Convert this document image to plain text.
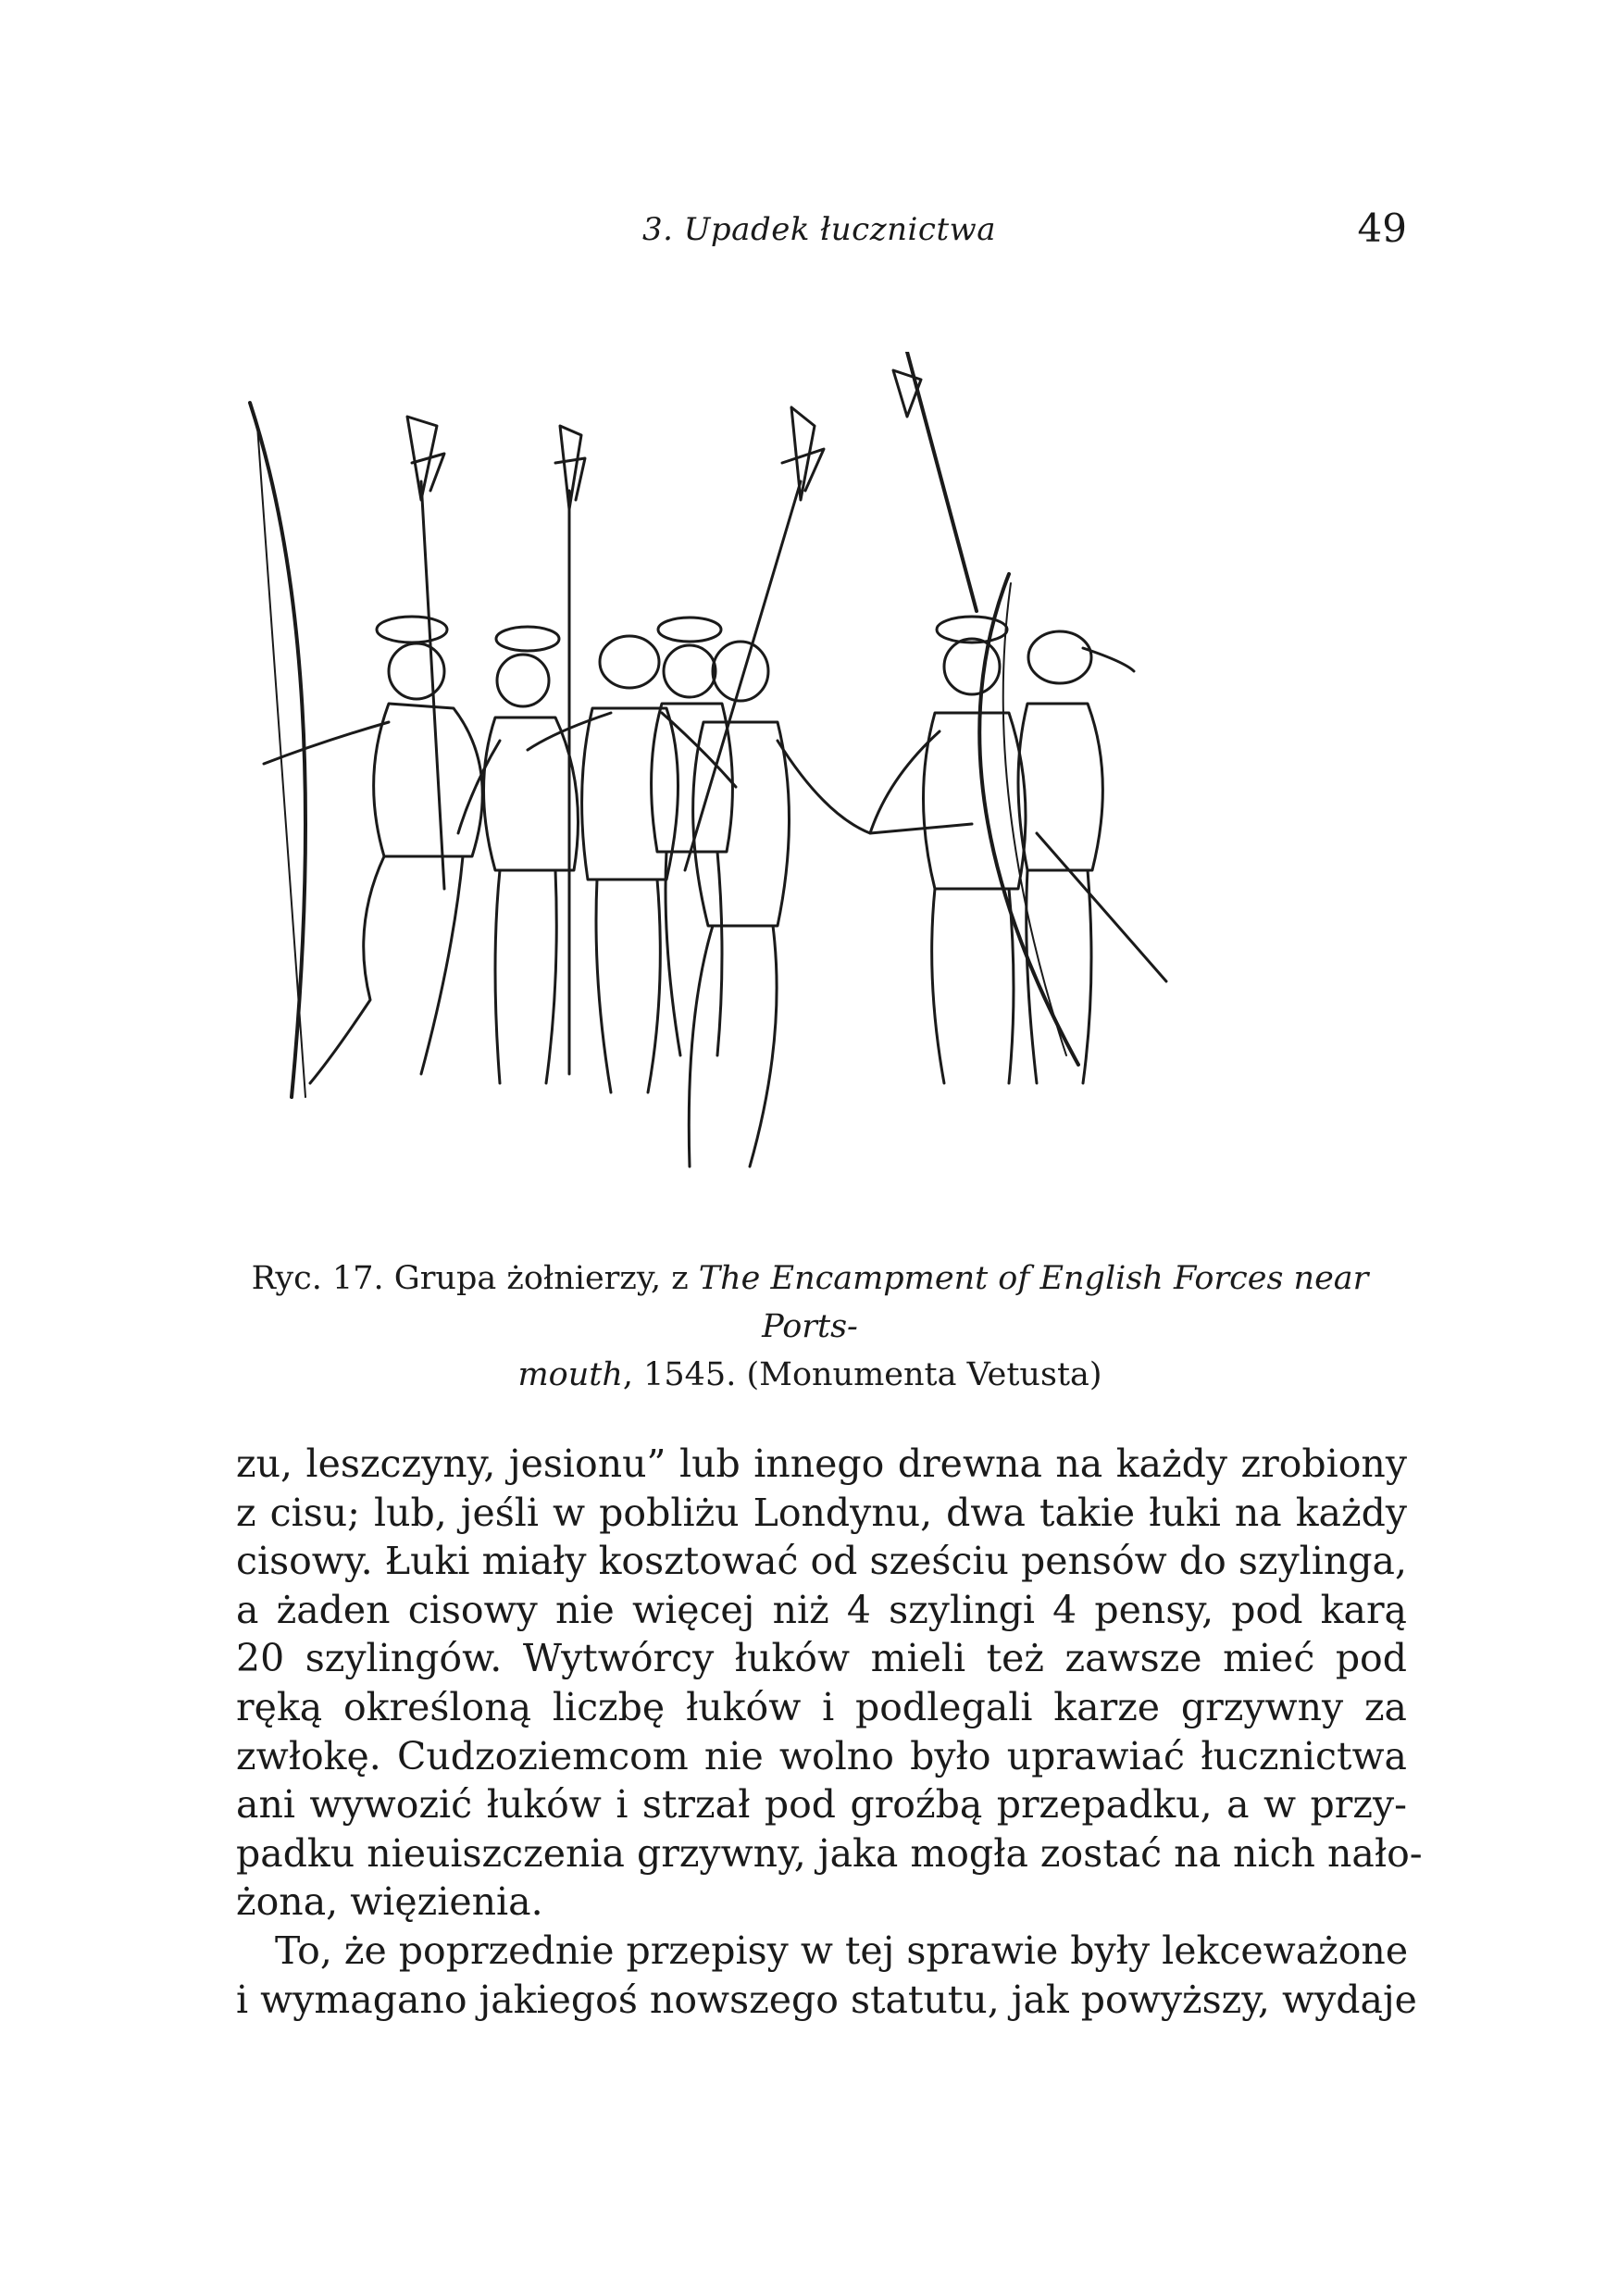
3. Upadek łucznictwa	49
Ryc. 17. Grupa żołnierzy, z The Encampment of English Forces near Ports-
mouth, 1545. (Monumenta Vetusta)
zu, leszczyny, jesionu” lub innego drewna na każdy zrobiony
z cisu; lub, jeśli w pobliżu Londynu, dwa takie łuki na każdy
cisowy. Łuki miały kosztować od sześciu pensów do szylinga,
a żaden cisowy nie więcej niż 4 szylingi 4 pensy, pod karą
20 szylingów. Wytwórcy łuków mieli też zawsze mieć pod
ręką określoną liczbę łuków i podlegali karze grzywny za
zwłokę. Cudzoziemcom nie wolno było uprawiać łucznictwa
ani wywozić łuków i strzał pod groźbą przepadku, a w przy-
padku nieuiszczenia grzywny, jaka mogła zostać na nich nało-
żona, więzienia.
To, że poprzednie przepisy w tej sprawie były lekceważone
i wymagano jakiegoś nowszego statutu, jak powyższy, wydaje
